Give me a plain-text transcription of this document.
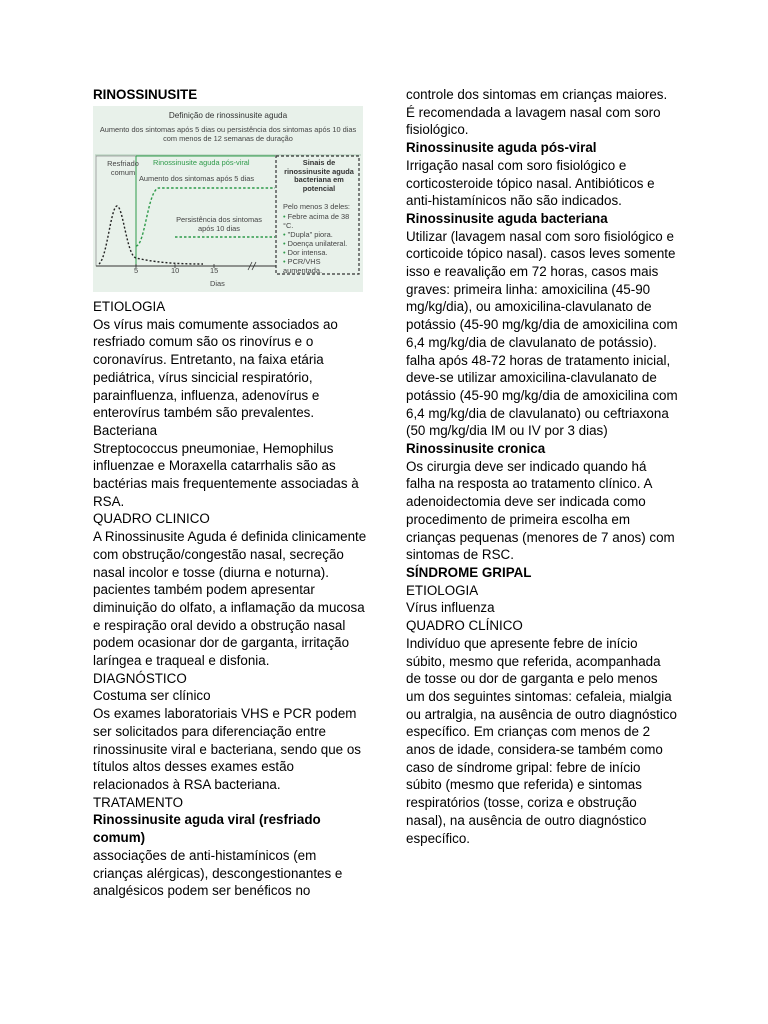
RINOSSINUSITE
Definição de rinossinusite aguda
Aumento dos sintomas após 5 dias ou persistência dos sintomas após 10 dias com menos de 12 semanas de duração
Resfriado comum
Rinossinusite aguda pós-viral
Aumento dos sintomas após 5 dias
Persistência dos sintomas após 10 dias
Sinais de rinossinusite aguda bacteriana em potencial
Pelo menos 3 deles:
• Febre acima de 38 °C.
• "Dupla" piora.
• Doença unilateral.
• Dor intensa.
• PCR/VHS aumentada.
5	10	15
Dias

ETIOLOGIA

Os vírus mais comumente associados ao resfriado comum são os rinovírus e o coronavírus. Entretanto, na faixa etária pediátrica, vírus sincicial respiratório, parainfluenza, influenza, adenovírus e enterovírus também são prevalentes.

Bacteriana

Streptococcus pneumoniae, Hemophilus influenzae e Moraxella catarrhalis são as bactérias mais frequentemente associadas à RSA.

QUADRO CLINICO

A Rinossinusite Aguda é definida clinicamente com obstrução/congestão nasal, secreção nasal incolor e tosse (diurna e noturna).

pacientes também podem apresentar diminuição do olfato, a inflamação da mucosa e respiração oral devido a obstrução nasal podem ocasionar dor de garganta, irritação laríngea e traqueal e disfonia.

DIAGNÓSTICO

Costuma ser clínico

Os exames laboratoriais VHS e PCR podem ser solicitados para diferenciação entre rinossinusite viral e bacteriana, sendo que os títulos altos desses exames estão relacionados à RSA bacteriana.

TRATAMENTO

Rinossinusite aguda viral (resfriado comum)

associações de anti-histamínicos (em crianças alérgicas), descongestionantes e analgésicos podem ser benéficos no

controle dos sintomas em crianças maiores. É recomendada a lavagem nasal com soro fisiológico.

Rinossinusite aguda pós-viral

Irrigação nasal com soro fisiológico e corticosteroide tópico nasal. Antibióticos e anti-histamínicos não são indicados.

Rinossinusite aguda bacteriana

Utilizar (lavagem nasal com soro fisiológico e corticoide tópico nasal). casos leves somente isso e reavalição em 72 horas, casos mais graves: primeira linha: amoxicilina (45-90 mg/kg/dia), ou amoxicilina-clavulanato de potássio (45-90 mg/kg/dia de amoxicilina com 6,4 mg/kg/dia de clavulanato de potássio). falha após 48-72 horas de tratamento inicial, deve-se utilizar amoxicilina-clavulanato de potássio (45-90 mg/kg/dia de amoxicilina com 6,4 mg/kg/dia de clavulanato) ou ceftriaxona (50 mg/kg/dia IM ou IV por 3 dias)

Rinossinusite cronica

Os cirurgia deve ser indicado quando há falha na resposta ao tratamento clínico. A adenoidectomia deve ser indicada como procedimento de primeira escolha em crianças pequenas (menores de 7 anos) com sintomas de RSC.

SÍNDROME GRIPAL

ETIOLOGIA

Vírus influenza

QUADRO CLÍNICO

Indivíduo que apresente febre de início súbito, mesmo que referida, acompanhada de tosse ou dor de garganta e pelo menos um dos seguintes sintomas: cefaleia, mialgia ou artralgia, na ausência de outro diagnóstico específico. Em crianças com menos de 2 anos de idade, considera-se também como caso de síndrome gripal: febre de início súbito (mesmo que referida) e sintomas respiratórios (tosse, coriza e obstrução nasal), na ausência de outro diagnóstico específico.
